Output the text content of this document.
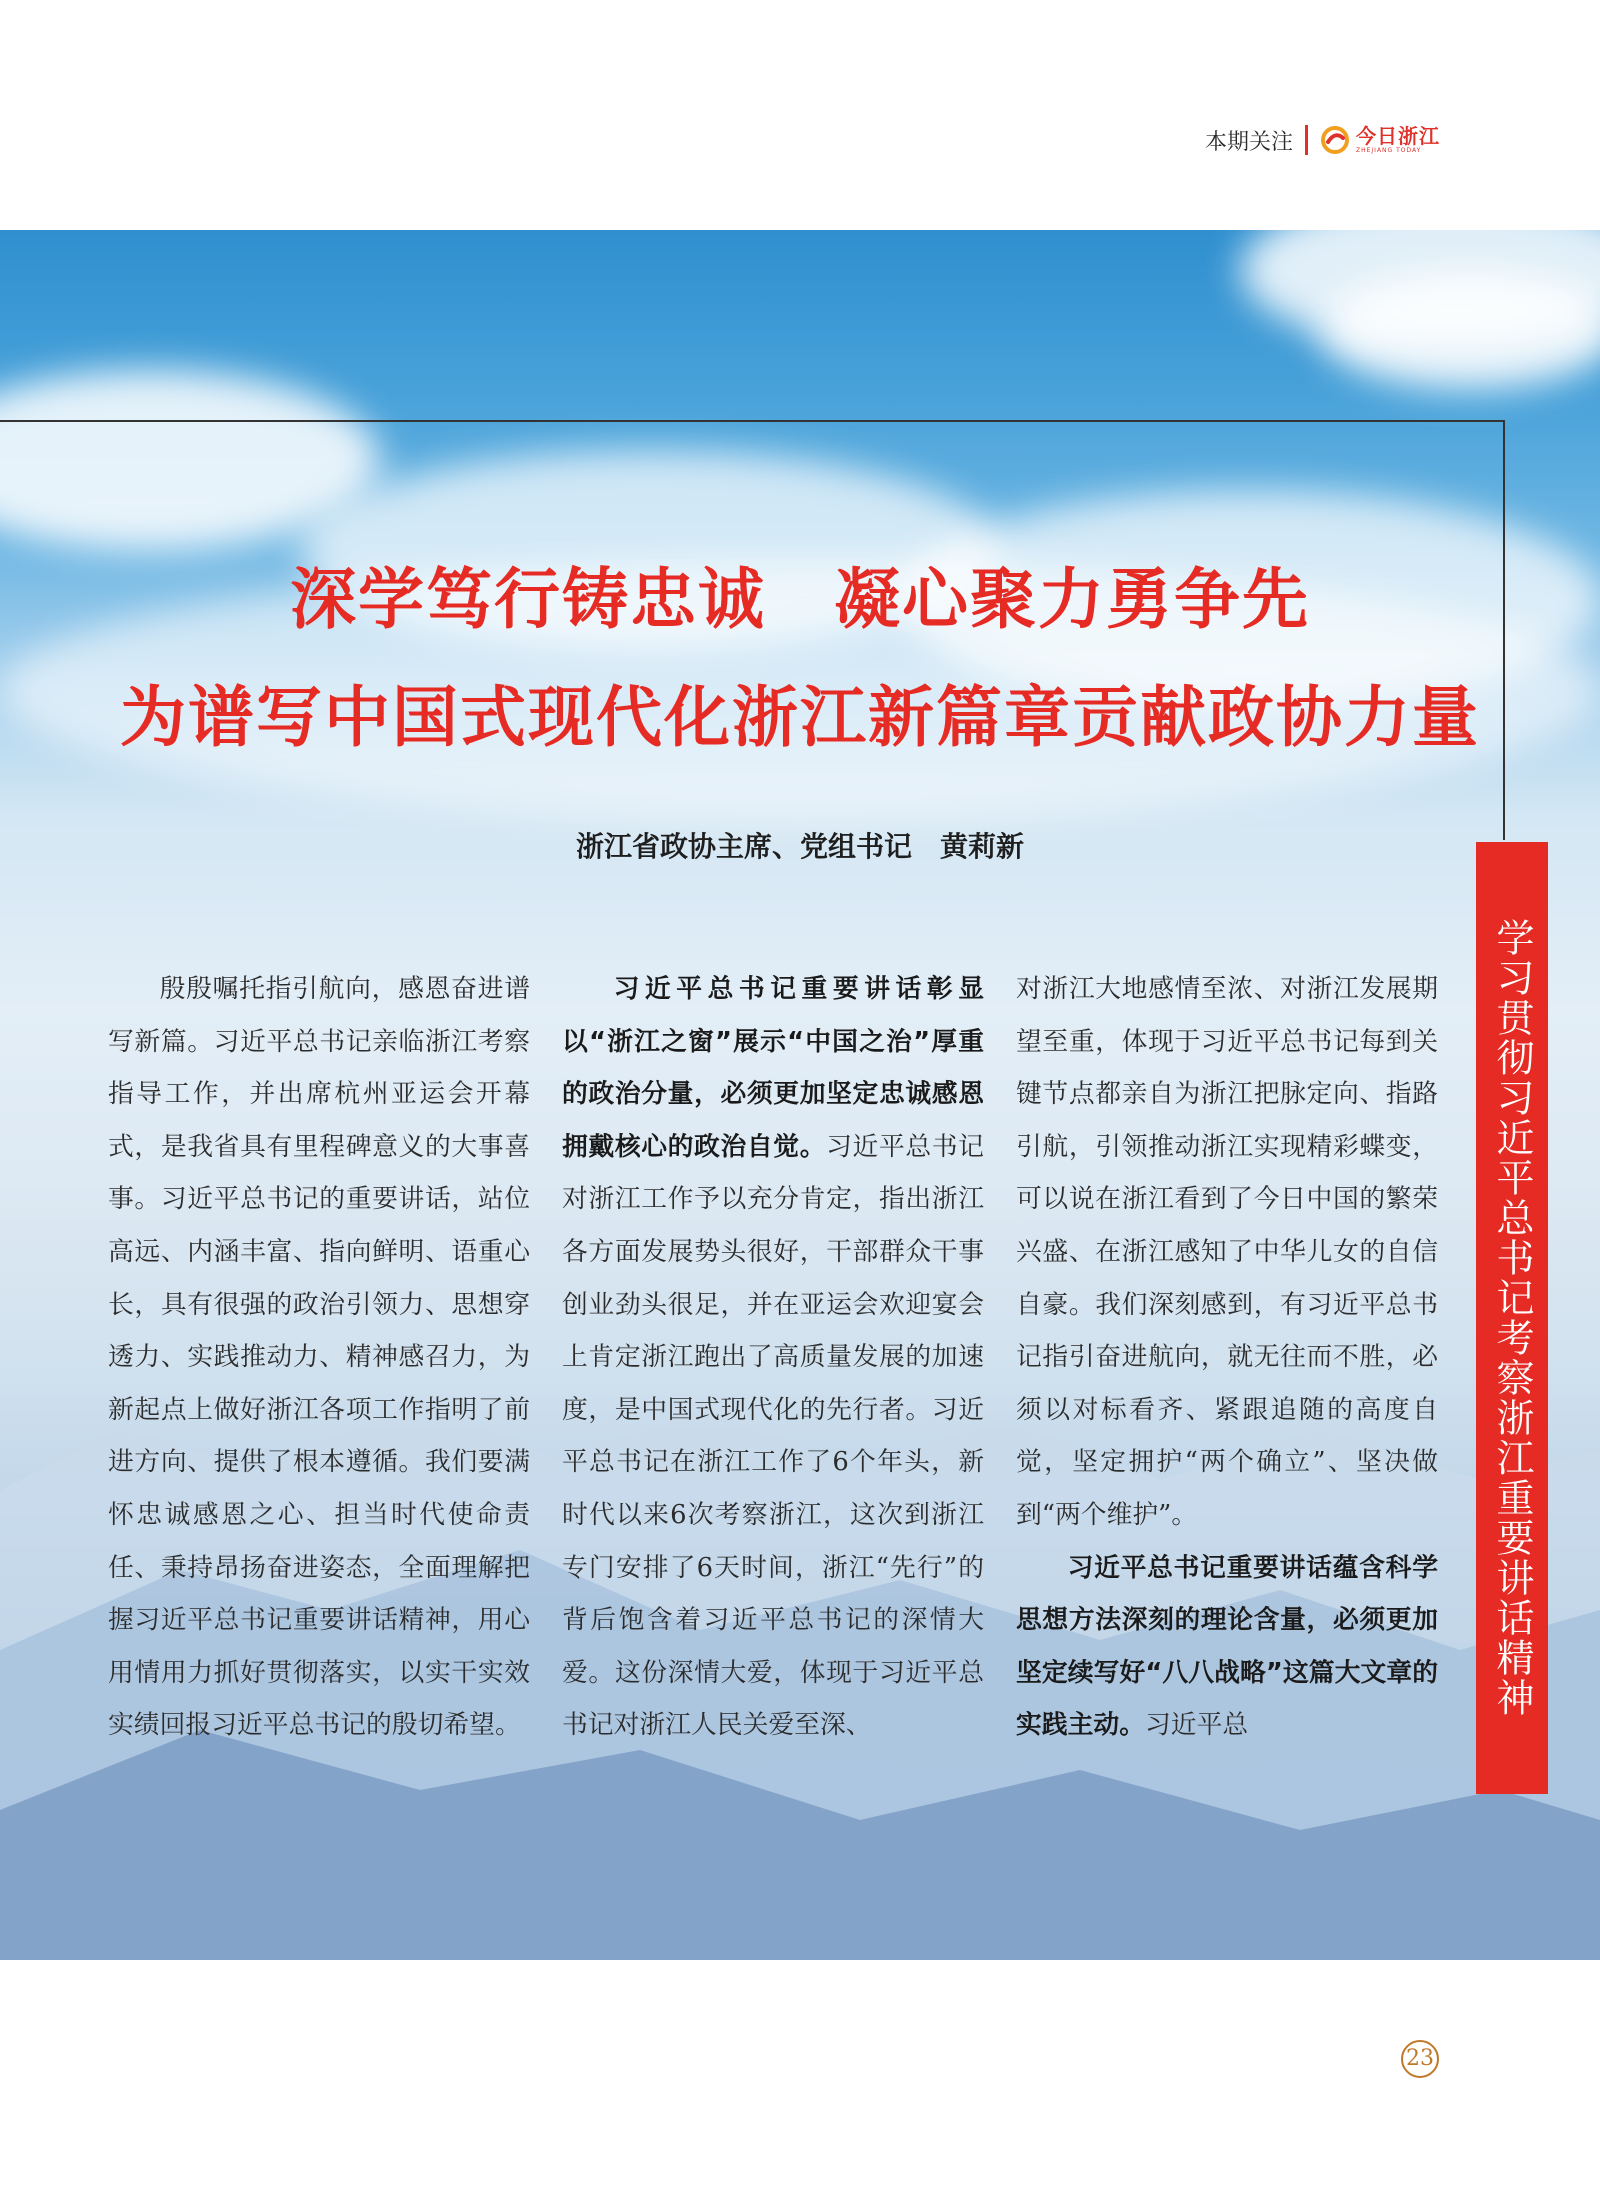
本期关注	今日浙江
ZHEJIANG TODAY
深学笃行铸忠诚　凝心聚力勇争先
为谱写中国式现代化浙江新篇章贡献政协力量
浙江省政协主席、党组书记　黄莉新
学习贯彻习近平总书记考察浙江重要讲话精神

殷殷嘱托指引航向，感恩奋进谱写新篇。习近平总书记亲临浙江考察指导工作，并出席杭州亚运会开幕式，是我省具有里程碑意义的大事喜事。习近平总书记的重要讲话，站位高远、内涵丰富、指向鲜明、语重心长，具有很强的政治引领力、思想穿透力、实践推动力、精神感召力，为新起点上做好浙江各项工作指明了前进方向、提供了根本遵循。我们要满怀忠诚感恩之心、担当时代使命责任、秉持昂扬奋进姿态，全面理解把握习近平总书记重要讲话精神，用心用情用力抓好贯彻落实，以实干实效实绩回报习近平总书记的殷切希望。

习近平总书记重要讲话彰显以“浙江之窗”展示“中国之治”厚重的政治分量，必须更加坚定忠诚感恩拥戴核心的政治自觉。习近平总书记对浙江工作予以充分肯定，指出浙江各方面发展势头很好，干部群众干事创业劲头很足，并在亚运会欢迎宴会上肯定浙江跑出了高质量发展的加速度，是中国式现代化的先行者。习近平总书记在浙江工作了6个年头，新时代以来6次考察浙江，这次到浙江专门安排了6天时间，浙江“先行”的背后饱含着习近平总书记的深情大爱。这份深情大爱，体现于习近平总书记对浙江人民关爱至深、

对浙江大地感情至浓、对浙江发展期望至重，体现于习近平总书记每到关键节点都亲自为浙江把脉定向、指路引航，引领推动浙江实现精彩蝶变，可以说在浙江看到了今日中国的繁荣兴盛、在浙江感知了中华儿女的自信自豪。我们深刻感到，有习近平总书记指引奋进航向，就无往而不胜，必须以对标看齐、紧跟追随的高度自觉，坚定拥护“两个确立”、坚决做到“两个维护”。

习近平总书记重要讲话蕴含科学思想方法深刻的理论含量，必须更加坚定续写好“八八战略”这篇大文章的实践主动。习近平总

23
